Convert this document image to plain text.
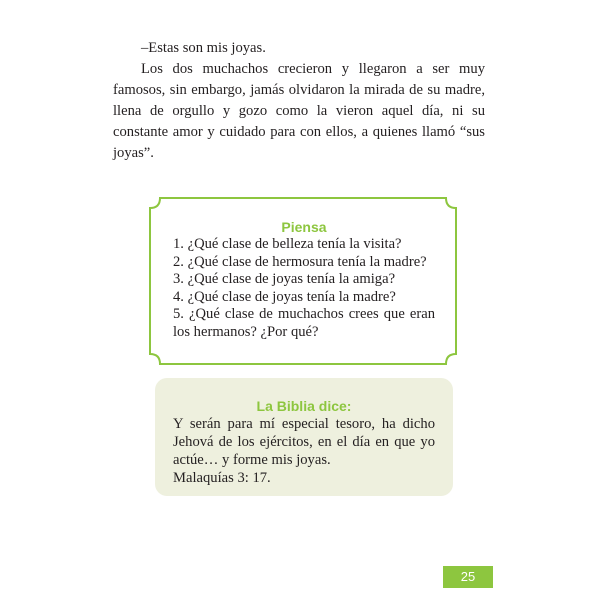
–Estas son mis joyas.

Los dos muchachos crecieron y llegaron a ser muy famosos, sin embargo, jamás olvidaron la mirada de su madre, llena de orgullo y gozo como la vieron aquel día, ni su constante amor y cuidado para con ellos, a quienes llamó “sus joyas”.

Piensa
1. ¿Qué clase de belleza tenía la visita?
2. ¿Qué clase de hermosura tenía la madre?
3. ¿Qué clase de joyas tenía la amiga?
4. ¿Qué clase de joyas tenía la madre?
5. ¿Qué clase de muchachos crees que eran los hermanos? ¿Por qué?
La Biblia dice:
Y serán para mí especial tesoro, ha dicho Jehová de los ejércitos, en el día en que yo actúe… y forme mis joyas.
Malaquías 3: 17.
25
